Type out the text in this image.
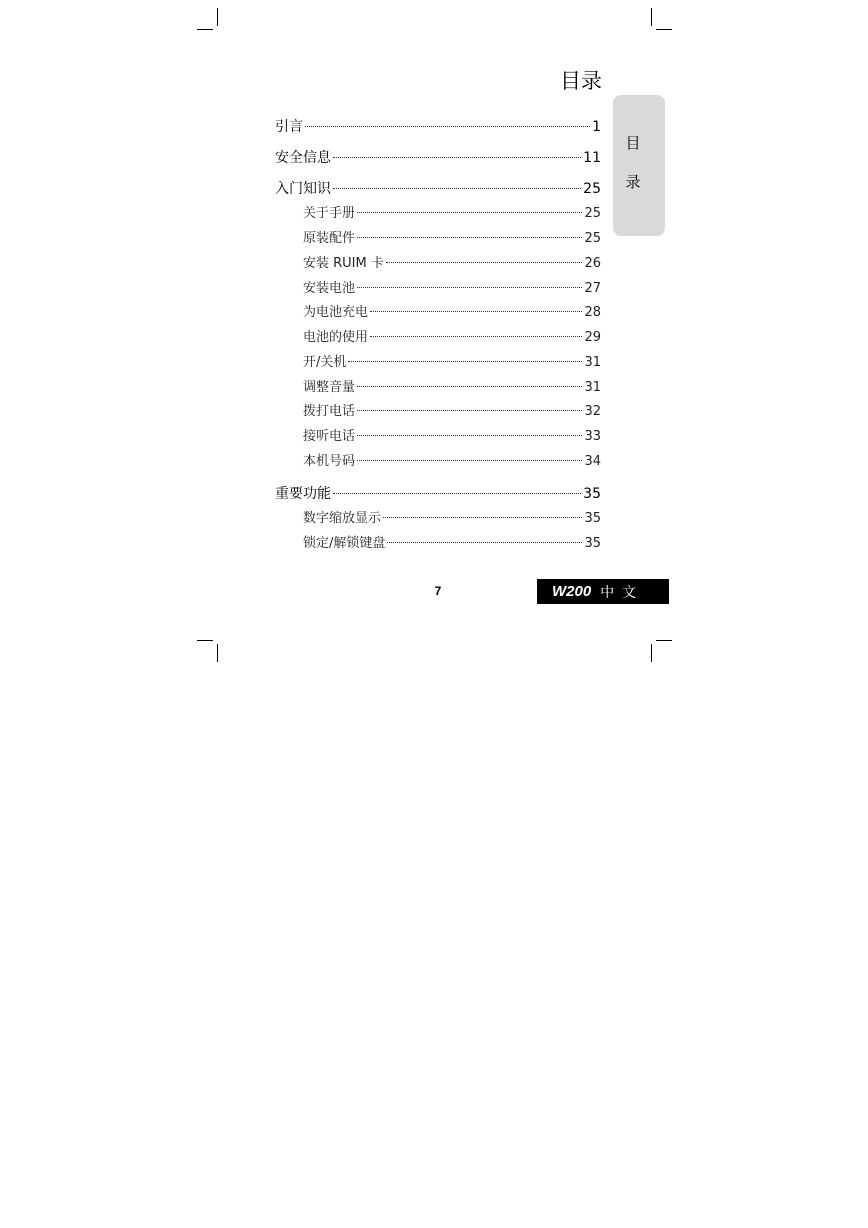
目录
目
录
引言	1
安全信息	11
入门知识	25
关于手册	25
原装配件	25
安装 RUIM 卡	26
安装电池	27
为电池充电	28
电池的使用	29
开/关机	31
调整音量	31
拨打电话	32
接听电话	33
本机号码	34
重要功能	35
数字缩放显示	35
锁定/解锁键盘	35
7	W200 中文
